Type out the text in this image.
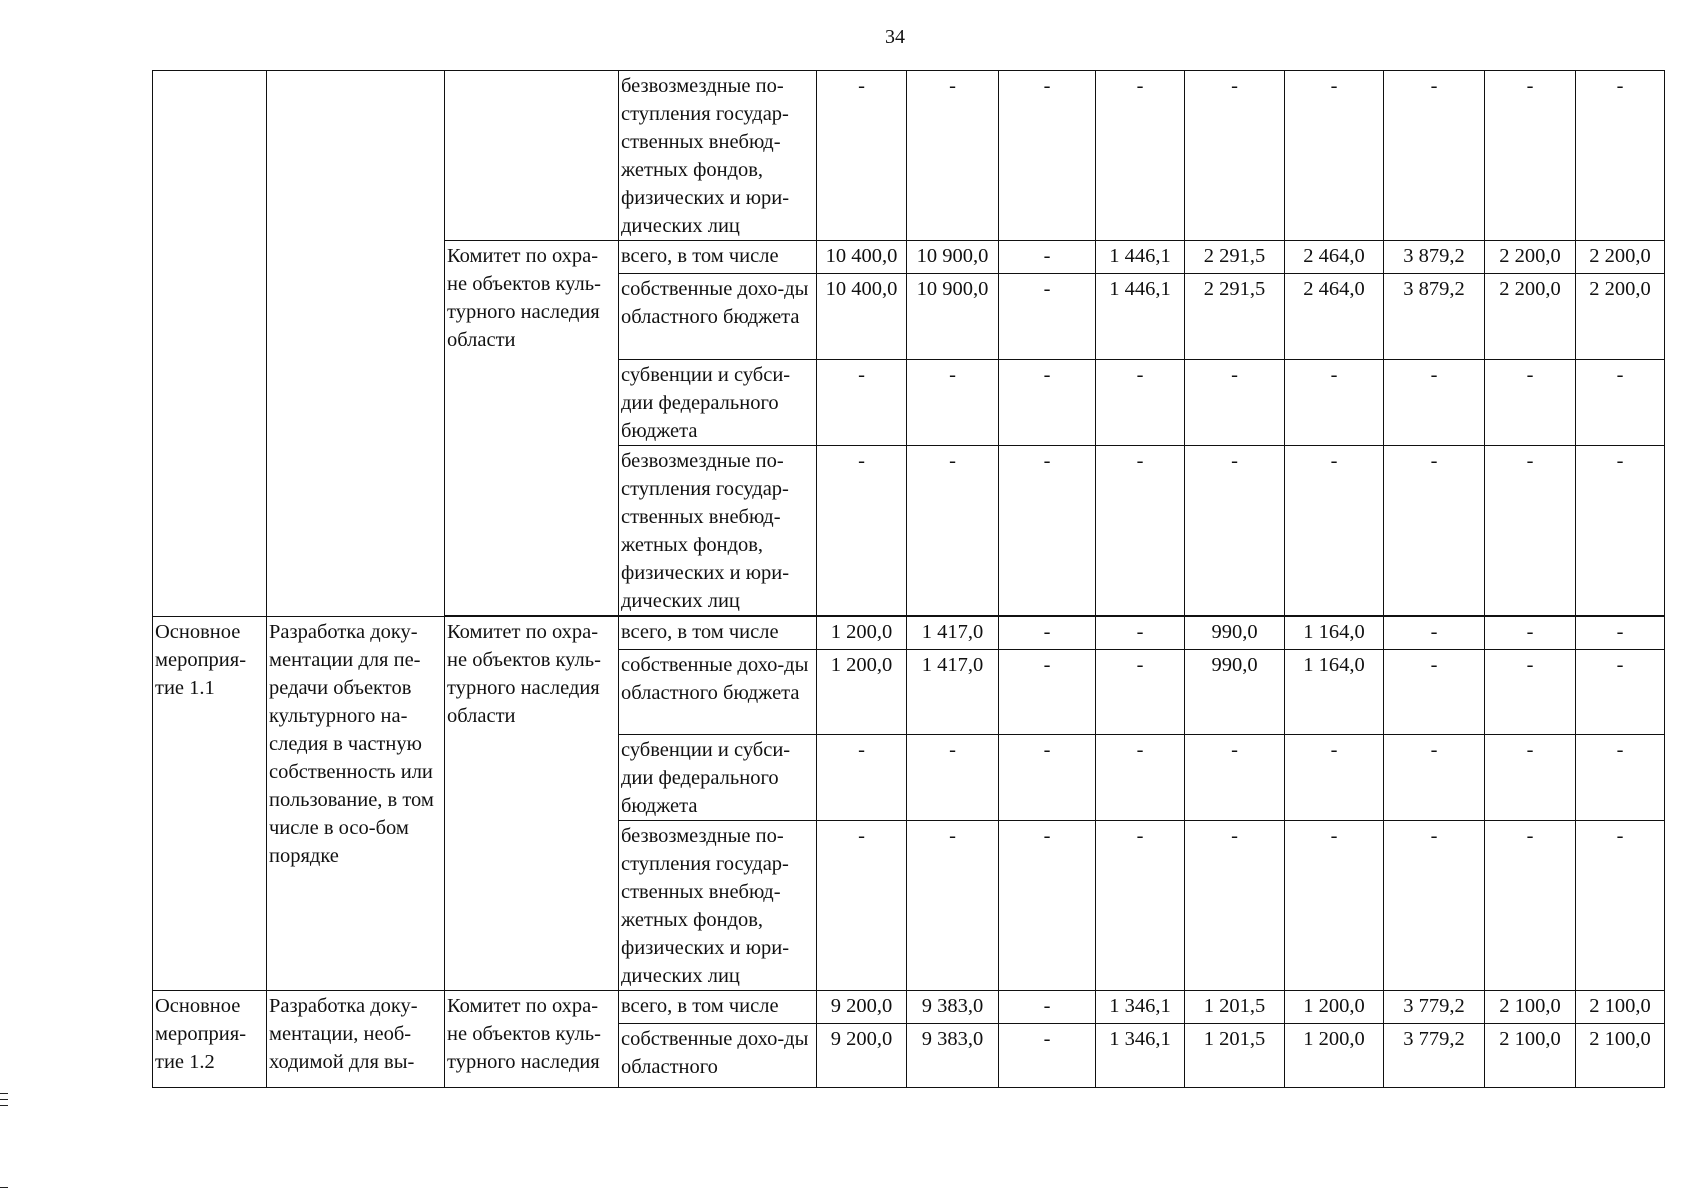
34
			безвозмездные по-ступления государ-ственных внебюд-жетных фондов, физических и юри-дических лиц	-	-	-	-	-	-	-	-	-
		Комитет по охра-не объектов куль-турного наследия области	всего, в том числе	10 400,0	10 900,0	-	1 446,1	2 291,5	2 464,0	3 879,2	2 200,0	2 200,0
			собственные дохо-ды областного бюджета	10 400,0	10 900,0	-	1 446,1	2 291,5	2 464,0	3 879,2	2 200,0	2 200,0
			субвенции и субси-дии федерального бюджета	-	-	-	-	-	-	-	-	-
			безвозмездные по-ступления государ-ственных внебюд-жетных фондов, физических и юри-дических лиц	-	-	-	-	-	-	-	-	-

Основное мероприя-тие 1.1	Разработка доку-ментации для пе-редачи объектов культурного на-следия в частную собственность или пользование, в том числе в осо-бом порядке	Комитет по охра-не объектов куль-турного наследия области	всего, в том числе	1 200,0	1 417,0	-	-	990,0	1 164,0	-	-	-
			собственные дохо-ды областного бюджета	1 200,0	1 417,0	-	-	990,0	1 164,0	-	-	-
			субвенции и субси-дии федерального бюджета	-	-	-	-	-	-	-	-	-
			безвозмездные по-ступления государ-ственных внебюд-жетных фондов, физических и юри-дических лиц	-	-	-	-	-	-	-	-	-
Основное мероприя-тие 1.2	Разработка доку-ментации, необ-ходимой для вы-	Комитет по охра-не объектов куль-турного наследия	всего, в том числе	9 200,0	9 383,0	-	1 346,1	1 201,5	1 200,0	3 779,2	2 100,0	2 100,0
			собственные дохо-ды областного	9 200,0	9 383,0	-	1 346,1	1 201,5	1 200,0	3 779,2	2 100,0	2 100,0
